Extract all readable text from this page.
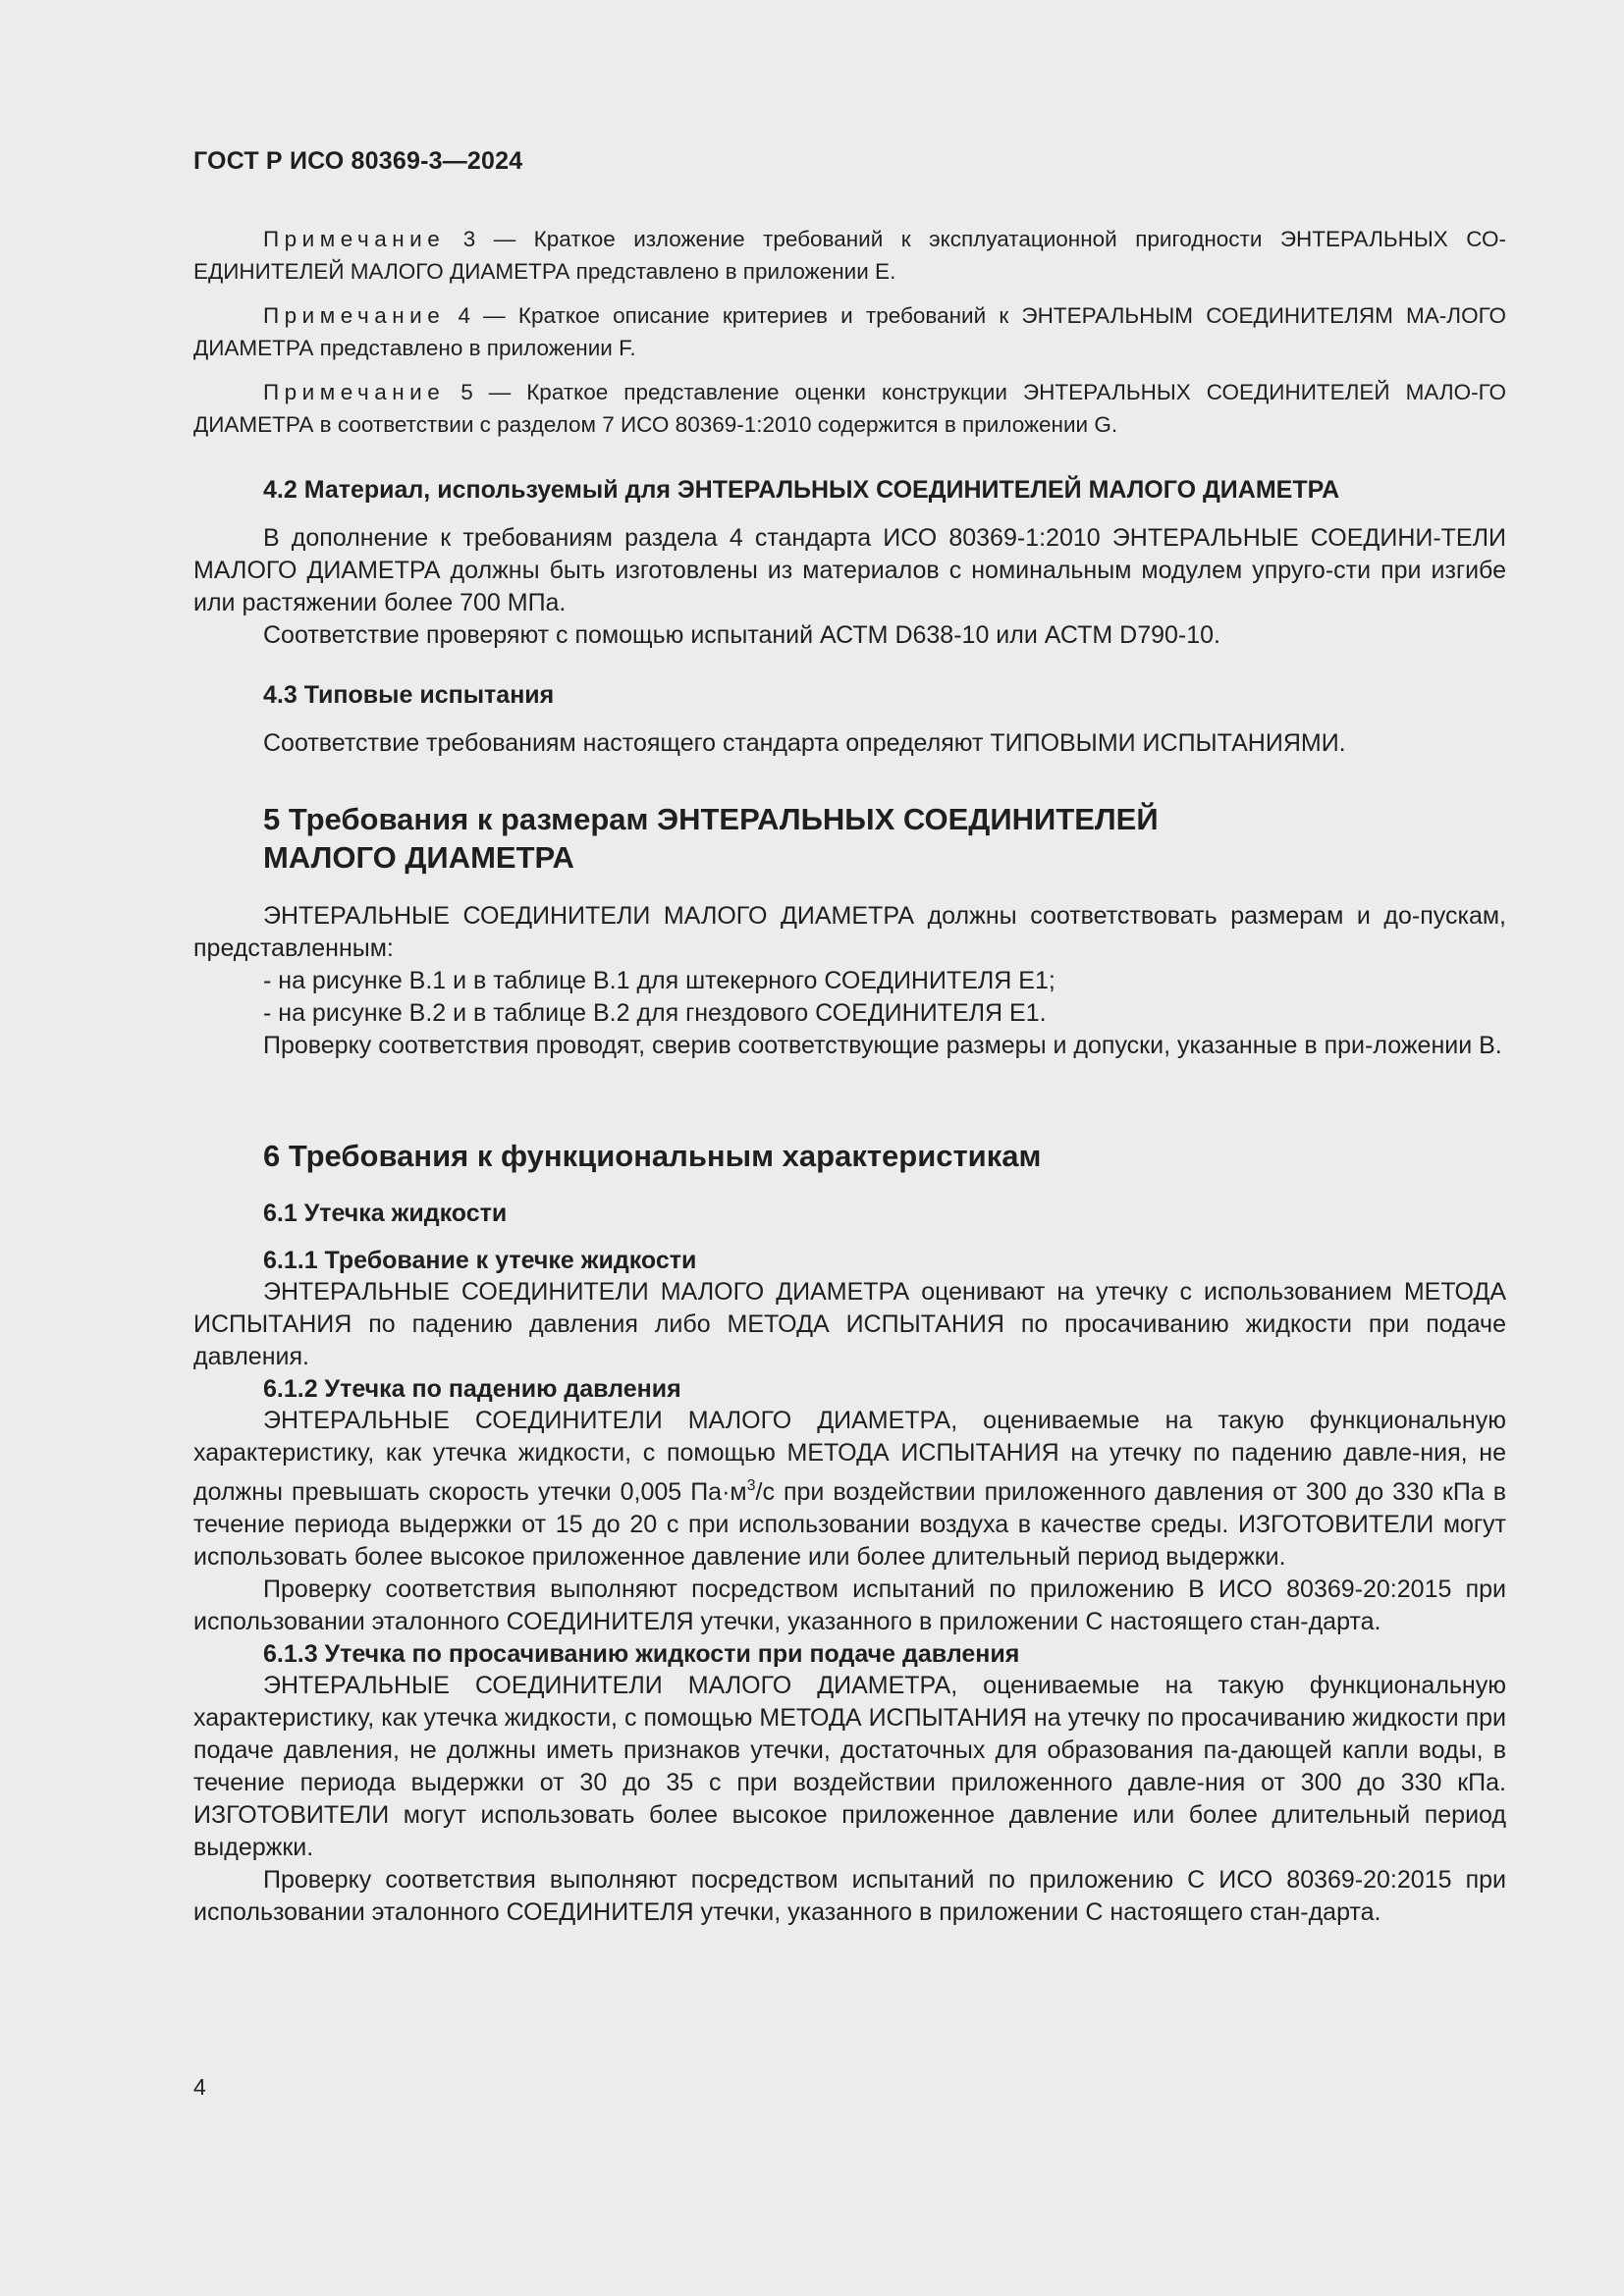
ГОСТ Р ИСО 80369-3—2024

Примечание 3 — Краткое изложение требований к эксплуатационной пригодности ЭНТЕРАЛЬНЫХ СО-ЕДИНИТЕЛЕЙ МАЛОГО ДИАМЕТРА представлено в приложении E.

Примечание 4 — Краткое описание критериев и требований к ЭНТЕРАЛЬНЫМ СОЕДИНИТЕЛЯМ МА-ЛОГО ДИАМЕТРА представлено в приложении F.

Примечание 5 — Краткое представление оценки конструкции ЭНТЕРАЛЬНЫХ СОЕДИНИТЕЛЕЙ МАЛО-ГО ДИАМЕТРА в соответствии с разделом 7 ИСО 80369-1:2010 содержится в приложении G.

4.2 Материал, используемый для ЭНТЕРАЛЬНЫХ СОЕДИНИТЕЛЕЙ МАЛОГО ДИАМЕТРА

В дополнение к требованиям раздела 4 стандарта ИСО 80369-1:2010 ЭНТЕРАЛЬНЫЕ СОЕДИНИ-ТЕЛИ МАЛОГО ДИАМЕТРА должны быть изготовлены из материалов с номинальным модулем упруго-сти при изгибе или растяжении более 700 МПа.

Соответствие проверяют с помощью испытаний АСТМ D638-10 или АСТМ D790-10.

4.3 Типовые испытания

Соответствие требованиям настоящего стандарта определяют ТИПОВЫМИ ИСПЫТАНИЯМИ.

5 Требования к размерам ЭНТЕРАЛЬНЫХ СОЕДИНИТЕЛЕЙ
МАЛОГО ДИАМЕТРА

ЭНТЕРАЛЬНЫЕ СОЕДИНИТЕЛИ МАЛОГО ДИАМЕТРА должны соответствовать размерам и до-пускам, представленным:

- на рисунке B.1 и в таблице B.1 для штекерного СОЕДИНИТЕЛЯ Е1;

- на рисунке B.2 и в таблице B.2 для гнездового СОЕДИНИТЕЛЯ Е1.

Проверку соответствия проводят, сверив соответствующие размеры и допуски, указанные в при-ложении B.

6 Требования к функциональным характеристикам
6.1 Утечка жидкости
6.1.1 Требование к утечке жидкости

ЭНТЕРАЛЬНЫЕ СОЕДИНИТЕЛИ МАЛОГО ДИАМЕТРА оценивают на утечку с использованием МЕТОДА ИСПЫТАНИЯ по падению давления либо МЕТОДА ИСПЫТАНИЯ по просачиванию жидкости при подаче давления.

6.1.2 Утечка по падению давления

ЭНТЕРАЛЬНЫЕ СОЕДИНИТЕЛИ МАЛОГО ДИАМЕТРА, оцениваемые на такую функциональную характеристику, как утечка жидкости, с помощью МЕТОДА ИСПЫТАНИЯ на утечку по падению давле-ния, не должны превышать скорость утечки 0,005 $Па\cdot м^3/с$ при воздействии приложенного давления от 300 до 330 кПа в течение периода выдержки от 15 до 20 с при использовании воздуха в качестве среды. ИЗГОТОВИТЕЛИ могут использовать более высокое приложенное давление или более длительный период выдержки.

Проверку соответствия выполняют посредством испытаний по приложению B ИСО 80369-20:2015 при использовании эталонного СОЕДИНИТЕЛЯ утечки, указанного в приложении C настоящего стан-дарта.

6.1.3 Утечка по просачиванию жидкости при подаче давления

ЭНТЕРАЛЬНЫЕ СОЕДИНИТЕЛИ МАЛОГО ДИАМЕТРА, оцениваемые на такую функциональную характеристику, как утечка жидкости, с помощью МЕТОДА ИСПЫТАНИЯ на утечку по просачиванию жидкости при подаче давления, не должны иметь признаков утечки, достаточных для образования па-дающей капли воды, в течение периода выдержки от 30 до 35 с при воздействии приложенного давле-ния от 300 до 330 кПа. ИЗГОТОВИТЕЛИ могут использовать более высокое приложенное давление или более длительный период выдержки.

Проверку соответствия выполняют посредством испытаний по приложению C ИСО 80369-20:2015 при использовании эталонного СОЕДИНИТЕЛЯ утечки, указанного в приложении C настоящего стан-дарта.

4
